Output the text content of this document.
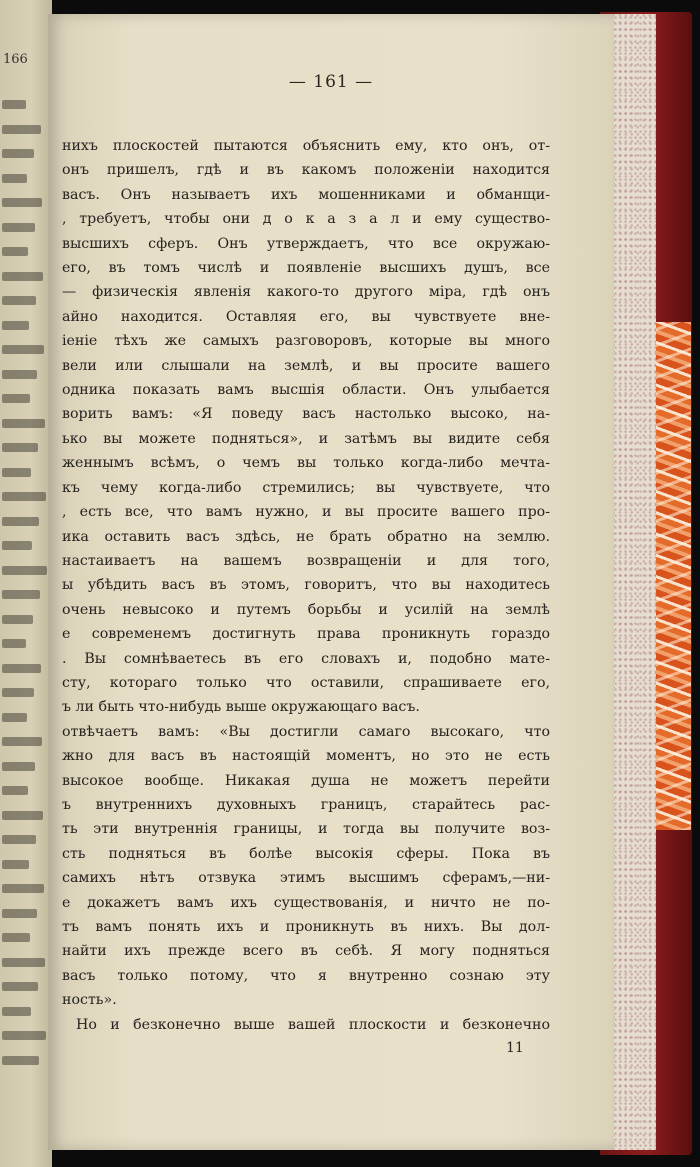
166
— 161 —
нихъ плоскостей пытаются объяснить ему, кто онъ, от-
онъ пришелъ, гдѣ и въ какомъ положеніи находится
васъ. Онъ называетъ ихъ мошенниками и обманщи-
, требуетъ, чтобы они д о к а з а л и ему существо-
высшихъ сферъ. Онъ утверждаетъ, что все окружаю-
его, въ томъ числѣ и появленіе высшихъ душъ, все
— физическія явленія какого-то другого міра, гдѣ онъ
айно находится. Оставляя его, вы чувствуете вне-
іеніе тѣхъ же самыхъ разговоровъ, которые вы много
вели или слышали на землѣ, и вы просите вашего
одника показать вамъ высшія области. Онъ улыбается
ворить вамъ: «Я поведу васъ настолько высоко, на-
ько вы можете подняться», и затѣмъ вы видите себя
женнымъ всѣмъ, о чемъ вы только когда-либо мечта-
къ чему когда-либо стремились; вы чувствуете, что
, есть все, что вамъ нужно, и вы просите вашего про-
ика оставить васъ здѣсь, не брать обратно на землю.
настаиваетъ на вашемъ возвращеніи и для того,
ы убѣдить васъ въ этомъ, говоритъ, что вы находитесь
очень невысоко и путемъ борьбы и усилій на землѣ
е современемъ достигнуть права проникнуть гораздо
. Вы сомнѣваетесь въ его словахъ и, подобно мате-
сту, котораго только что оставили, спрашиваете его,
ъ ли быть что-нибудь выше окружающаго васъ.
отвѣчаетъ вамъ: «Вы достигли самаго высокаго, что
жно для васъ въ настоящій моментъ, но это не есть
высокое вообще. Никакая душа не можетъ перейти
ъ внутреннихъ духовныхъ границъ, старайтесь рас-
ть эти внутреннія границы, и тогда вы получите воз-
сть подняться въ болѣе высокія сферы. Пока въ
самихъ нѣтъ отзвука этимъ высшимъ сферамъ,—ни-
е докажетъ вамъ ихъ существованія, и ничто не по-
тъ вамъ понять ихъ и проникнуть въ нихъ. Вы дол-
найти ихъ прежде всего въ себѣ. Я могу подняться
васъ только потому, что я внутренно сознаю эту
ность».
Но и безконечно выше вашей плоскости и безконечно
11
